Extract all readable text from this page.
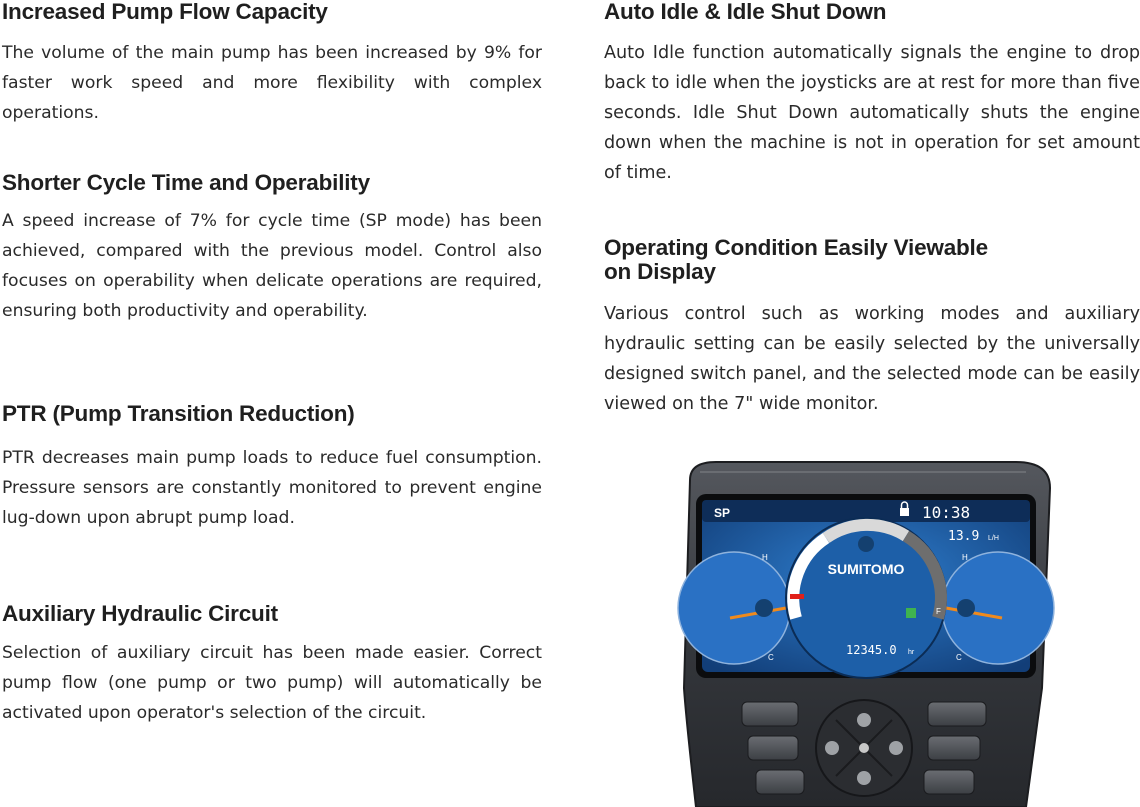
Increased Pump Flow Capacity

The volume of the main pump has been increased by 9% for faster work speed and more flexibility with complex operations.

Shorter Cycle Time and Operability

A speed increase of 7% for cycle time (SP mode) has been achieved, compared with the previous model. Control also focuses on operability when delicate operations are required, ensuring both productivity and operability.

PTR (Pump Transition Reduction)

PTR decreases main pump loads to reduce fuel consumption. Pressure sensors are constantly monitored to prevent engine lug-down upon abrupt pump load.

Auxiliary Hydraulic Circuit

Selection of auxiliary circuit has been made easier. Correct pump flow (one pump or two pump) will automatically be activated upon operator's selection of the circuit.

Auto Idle & Idle Shut Down

Auto Idle function automatically signals the engine to drop back to idle when the joysticks are at rest for more than five seconds. Idle Shut Down automatically shuts the engine down when the machine is not in operation for set amount of time.

Operating Condition Easily Viewable
on Display

Various control such as working modes and auxiliary hydraulic setting can be easily selected by the universally designed switch panel, and the selected mode can be easily viewed on the 7" wide monitor.

SP	10:38
13.9 L/H
H
C
H
C
E	F
SUMITOMO
12345.0 hr
